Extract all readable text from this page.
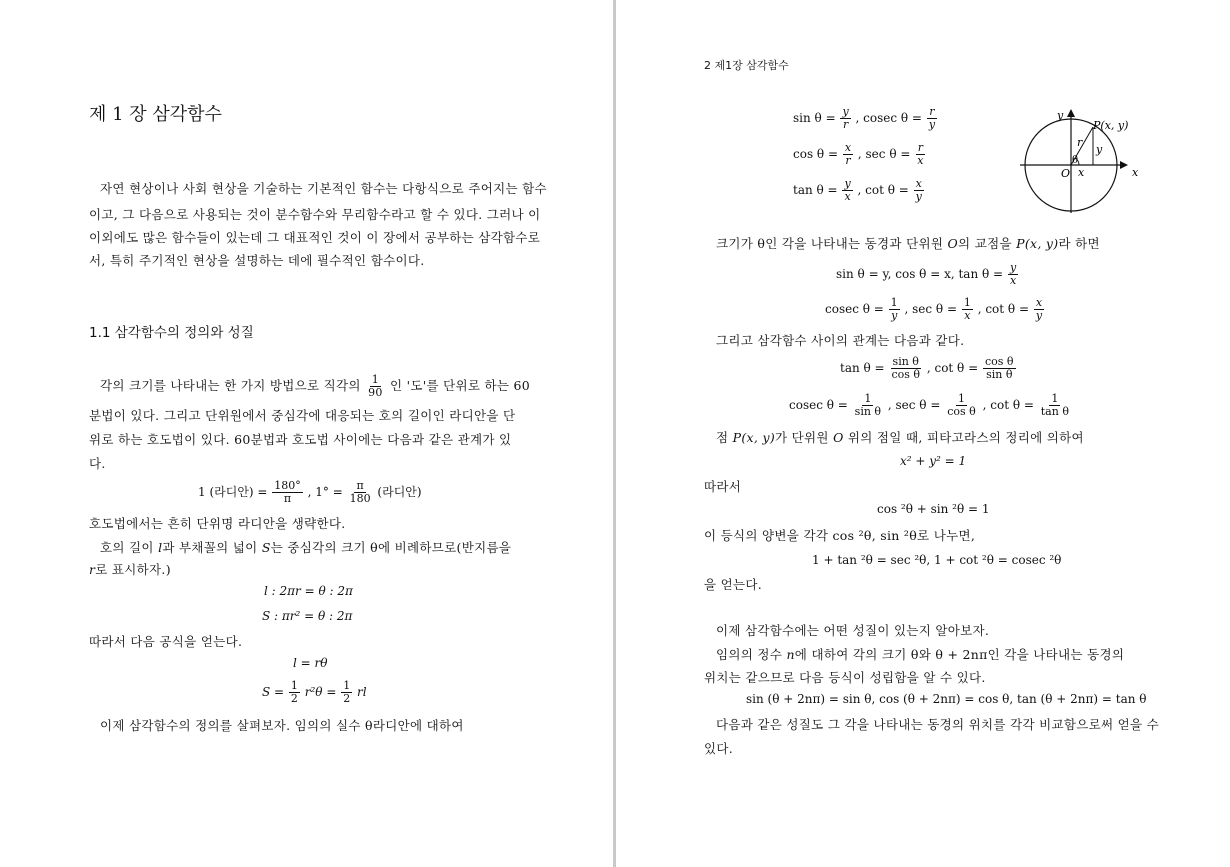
제 1 장 삼각함수
자연 현상이나 사회 현상을 기술하는 기본적인 함수는 다항식으로 주어지는 함수
이고, 그 다음으로 사용되는 것이 분수함수와 무리함수라고 할 수 있다. 그러나 이
이외에도 많은 함수들이 있는데 그 대표적인 것이 이 장에서 공부하는 삼각함수로
서, 특히 주기적인 현상을 설명하는 데에 필수적인 함수이다.
1.1 삼각함수의 정의와 성질
각의 크기를 나타내는 한 가지 방법으로 직각의 $\frac{1}{90}$ 인 '도'를 단위로 하는 60
분법이 있다. 그리고 단위원에서 중심각에 대응되는 호의 길이인 라디안을 단
위로 하는 호도법이 있다. 60분법과 호도법 사이에는 다음과 같은 관계가 있
다.
1 (라디안) = $\frac{180^\circ}{\pi}$ , $1^\circ = \frac{\pi}{180}$ (라디안)
호도법에서는 흔히 단위명 라디안을 생략한다.
호의 길이 l과 부채꼴의 넓이 S는 중심각의 크기 θ에 비례하므로(반지름을
r로 표시하자.)
l : 2πr = θ : 2π
S : πr² = θ : 2π
따라서 다음 공식을 얻는다.
l = rθ
$S = \frac{1}{2} r^2\theta = \frac{1}{2}$ rl
이제 삼각함수의 정의를 살펴보자. 임의의 실수 θ라디안에 대하여
2 제1장 삼각함수
$\sin \theta = \frac{y}{r}$ , cosec $\theta = \frac{r}{y}$
$\cos \theta = \frac{x}{r}$ , $\sec \theta = \frac{r}{x}$
$\tan \theta = \frac{y}{x}$ , $\cot \theta = \frac{x}{y}$
y
x
O
P(x, y)
θ
x
y
r
크기가 θ인 각을 나타내는 동경과 단위원 O의 교점을 P(x, y)라 하면
sin θ = y, cos θ = x, $\tan \theta = \frac{y}{x}$
cosec $\theta = \frac{1}{y}$ , $\sec \theta = \frac{1}{x}$ , $\cot \theta = \frac{x}{y}$
그리고 삼각함수 사이의 관계는 다음과 같다.
$\tan \theta = \frac{\text{sin θ}}{\text{cos θ}}$ , $\cot \theta = \frac{\text{cos θ}}{\text{sin θ}}$
cosec $\theta = \frac{1}{\text{sin θ}}$ , $\sec \theta = \frac{1}{\text{cos θ}}$ , $\cot \theta = \frac{1}{\text{tan θ}}$
점 P(x, y)가 단위원 O 위의 점일 때, 피타고라스의 정리에 의하여
x² + y² = 1
따라서
cos ²θ + sin ²θ = 1
이 등식의 양변을 각각 cos ²θ, sin ²θ로 나누면,
1 + tan ²θ = sec ²θ, 1 + cot ²θ = cosec ²θ
을 얻는다.
이제 삼각함수에는 어떤 성질이 있는지 알아보자.
임의의 정수 n에 대하여 각의 크기 θ와 θ + 2nπ인 각을 나타내는 동경의
위치는 같으므로 다음 등식이 성립함을 알 수 있다.
sin (θ + 2nπ) = sin θ, cos (θ + 2nπ) = cos θ, tan (θ + 2nπ) = tan θ
다음과 같은 성질도 그 각을 나타내는 동경의 위치를 각각 비교함으로써 얻을 수
있다.
